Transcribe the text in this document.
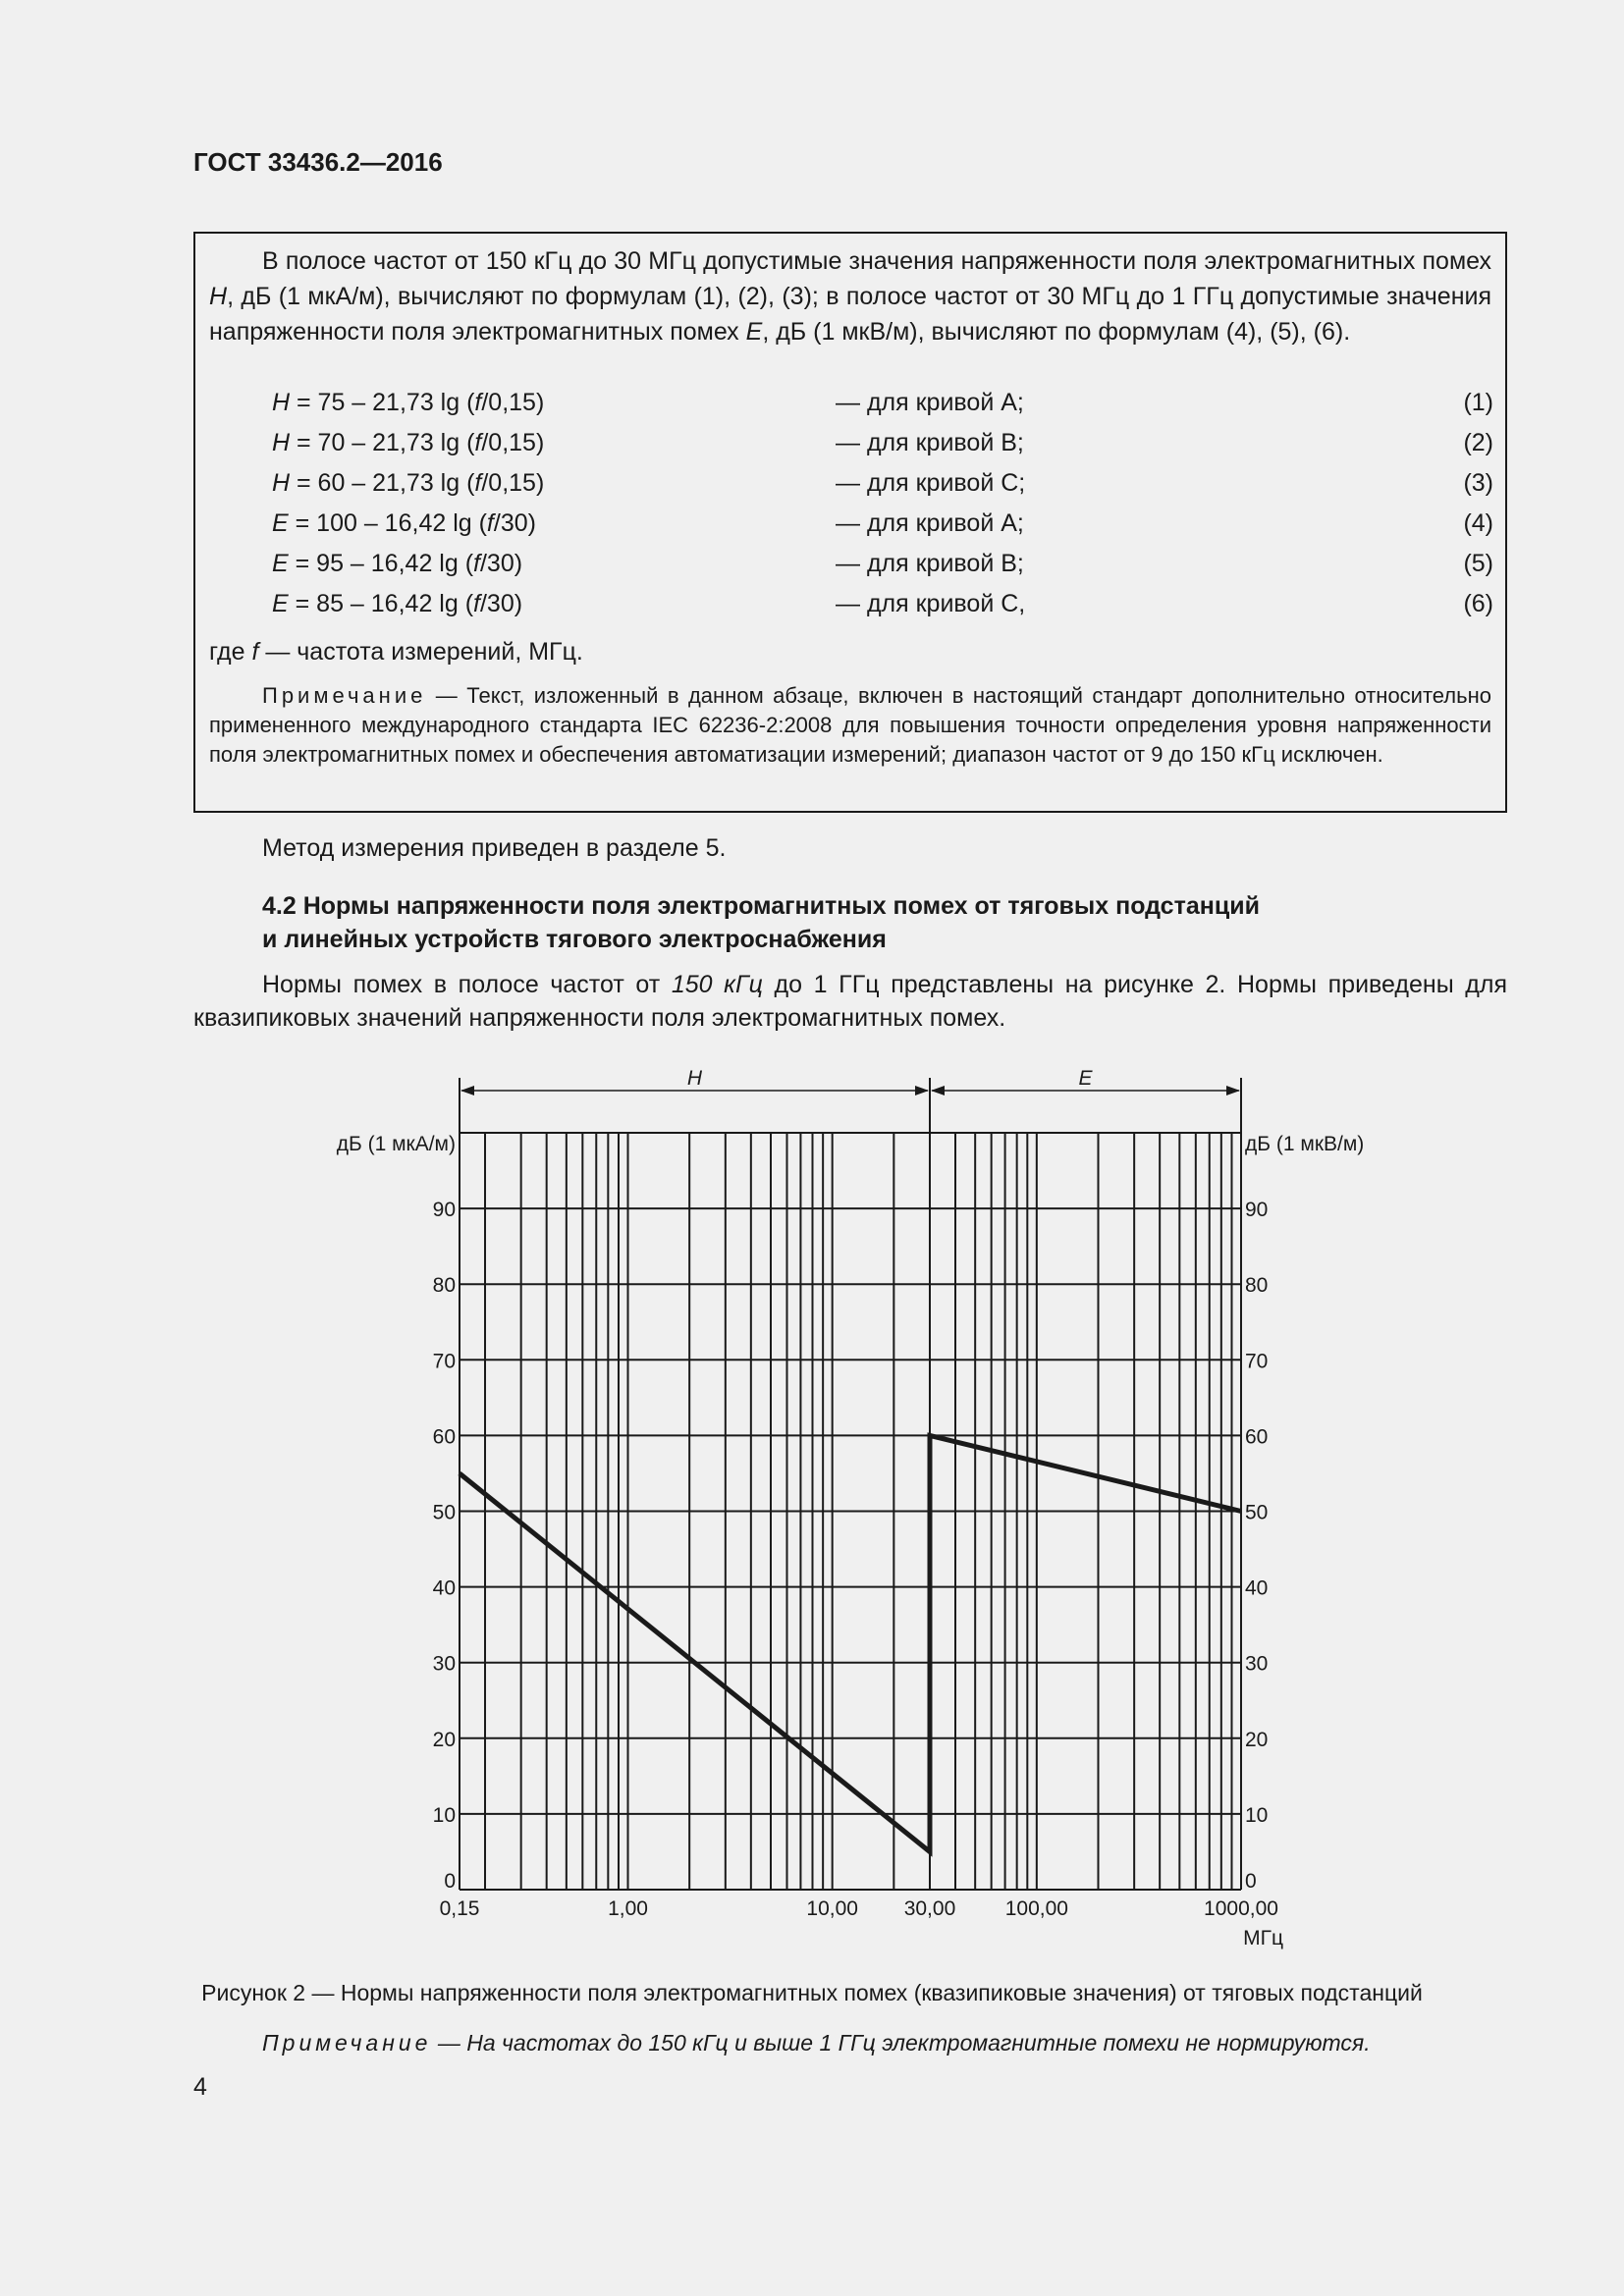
ГОСТ 33436.2—2016
В полосе частот от 150 кГц до 30 МГц допустимые значения напряженности поля электромагнитных помех H, дБ (1 мкА/м), вычисляют по формулам (1), (2), (3); в полосе частот от 30 МГц до 1 ГГц допустимые значения напряженности поля электромагнитных помех E, дБ (1 мкВ/м), вычисляют по формулам (4), (5), (6).
H = 75 – 21,73 lg (f/0,15)	— для кривой А;	(1)
H = 70 – 21,73 lg (f/0,15)	— для кривой В;	(2)
H = 60 – 21,73 lg (f/0,15)	— для кривой С;	(3)
E = 100 – 16,42 lg (f/30)	— для кривой А;	(4)
E = 95 – 16,42 lg (f/30)	— для кривой В;	(5)
E = 85 – 16,42 lg (f/30)	— для кривой С,	(6)
где f — частота измерений, МГц.
Примечание — Текст, изложенный в данном абзаце, включен в настоящий стандарт дополнительно относительно примененного международного стандарта IEC 62236-2:2008 для повышения точности определения уровня напряженности поля электромагнитных помех и обеспечения автоматизации измерений; диапазон частот от 9 до 150 кГц исключен.
Метод измерения приведен в разделе 5.
4.2 Нормы напряженности поля электромагнитных помех от тяговых подстанций
и линейных устройств тягового электроснабжения
Нормы помех в полосе частот от 150 кГц до 1 ГГц представлены на рисунке 2. Нормы приведены для квазипиковых значений напряженности поля электромагнитных помех.
H	E
0	0
10	10
20	20
30	30
40	40
50	50
60	60
70	70
80	80
90	90
дБ (1 мкА/м)	дБ (1 мкВ/м)
0,15	1,00	10,00 30,00 100,00	1000,00
МГц
Рисунок 2 — Нормы напряженности поля электромагнитных помех (квазипиковые значения) от тяговых подстанций
Примечание — На частотах до 150 кГц и выше 1 ГГц электромагнитные помехи не нормируются.
4
